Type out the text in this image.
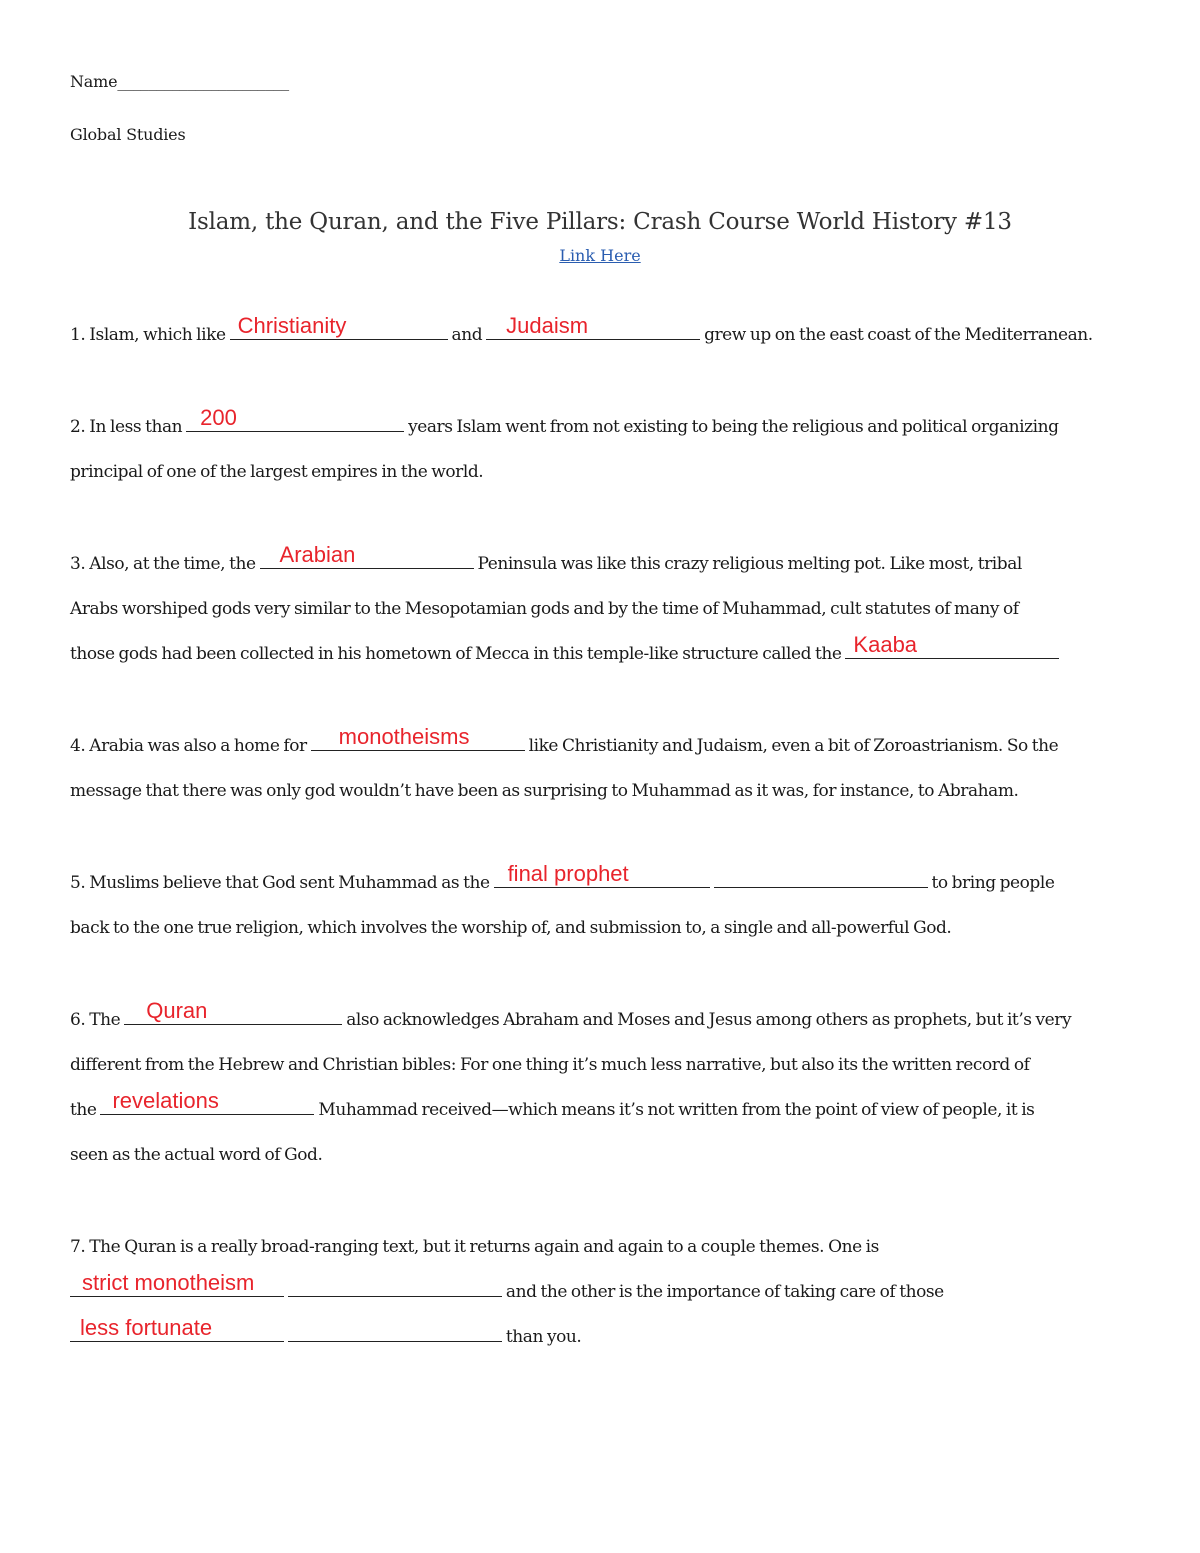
Name______________________
Global Studies
Islam, the Quran, and the Five Pillars: Crash Course World History #13
Link Here
1. Islam, which like Christianity	and Judaism	grew up on the east coast of the Mediterranean.
2. In less than 200	years Islam went from not existing to being the religious and political organizing
principal of one of the largest empires in the world.
3. Also, at the time, the Arabian	Peninsula was like this crazy religious melting pot. Like most, tribal
Arabs worshiped gods very similar to the Mesopotamian gods and by the time of Muhammad, cult statutes of many of
those gods had been collected in his hometown of Mecca in this temple-like structure called the Kaaba
4. Arabia was also a home for monotheisms	like Christianity and Judaism, even a bit of Zoroastrianism. So the
message that there was only god wouldn’t have been as surprising to Muhammad as it was, for instance, to Abraham.
5. Muslims believe that God sent Muhammad as the final prophet	to bring people
back to the one true religion, which involves the worship of, and submission to, a single and all-powerful God.
6. The Quran	also acknowledges Abraham and Moses and Jesus among others as prophets, but it’s very
different from the Hebrew and Christian bibles: For one thing it’s much less narrative, but also its the written record of
the revelations	Muhammad received—which means it’s not written from the point of view of people, it is
seen as the actual word of God.
7. The Quran is a really broad-ranging text, but it returns again and again to a couple themes. One is
strict monotheism	and the other is the importance of taking care of those
less fortunate	than you.
